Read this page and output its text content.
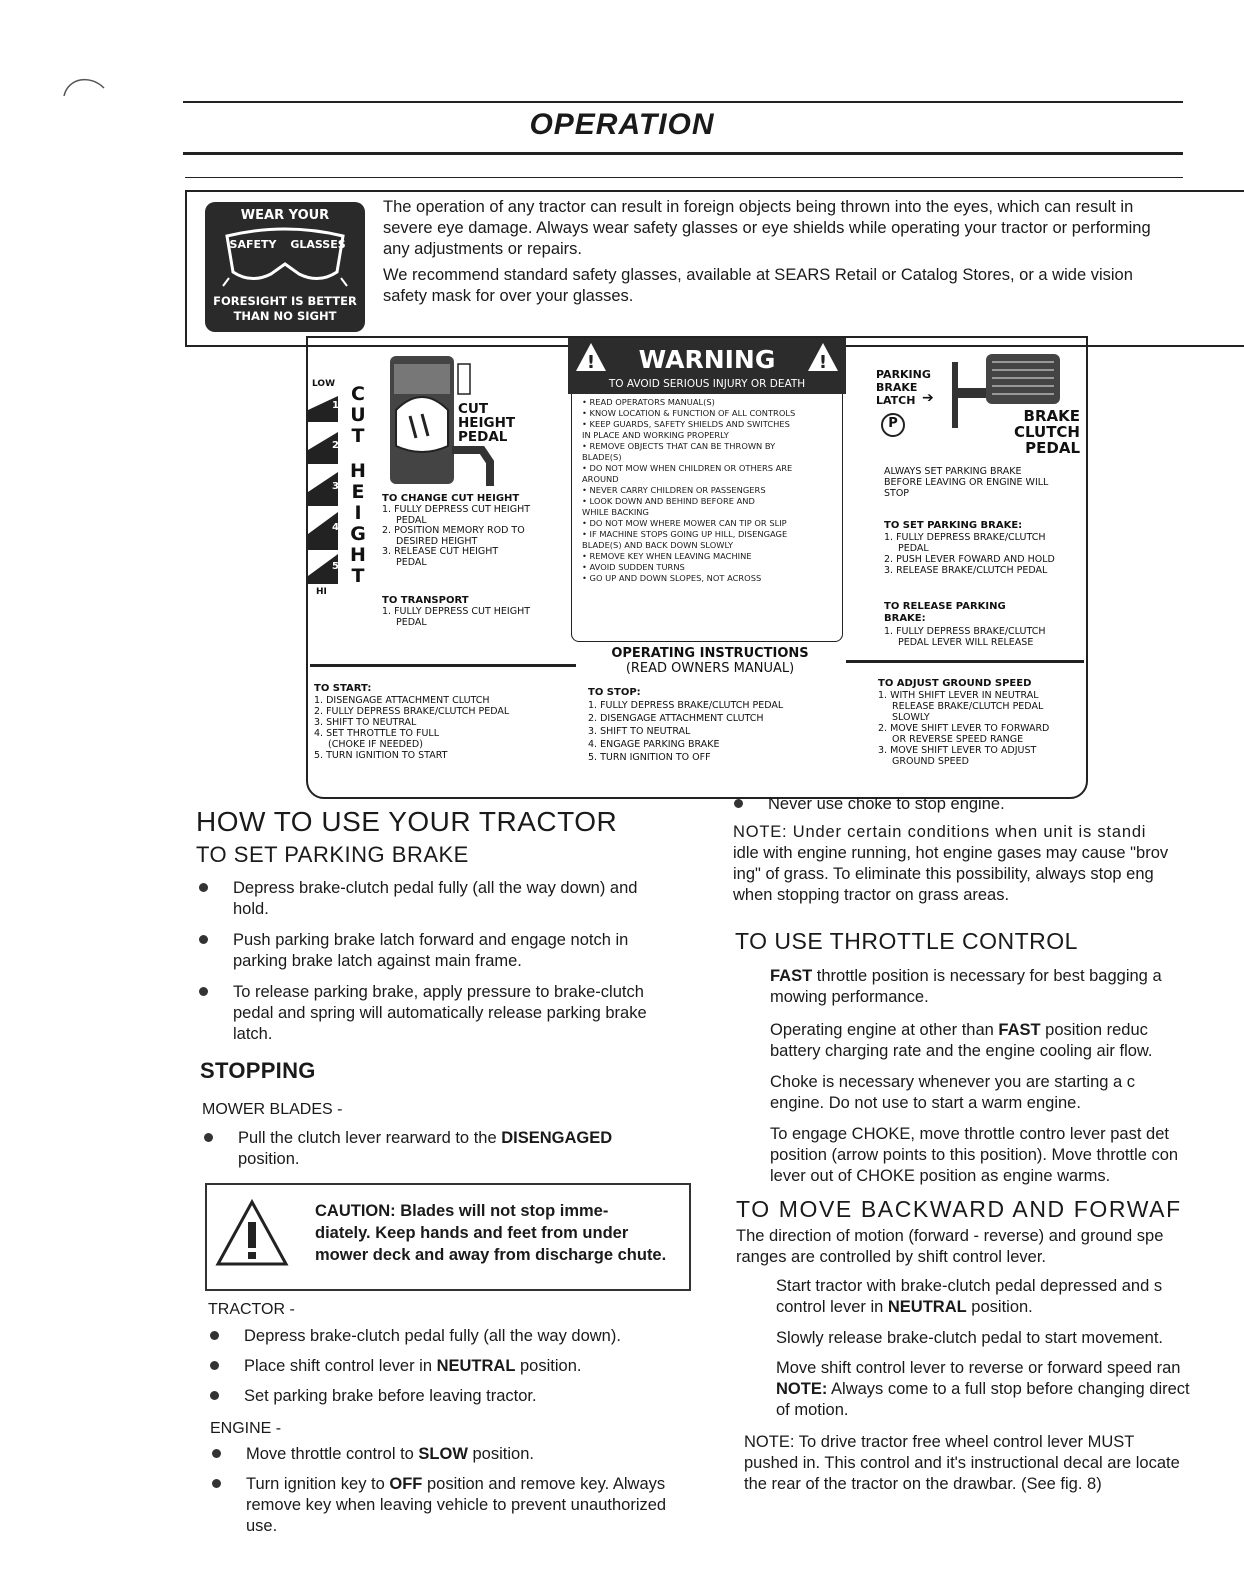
OPERATION
WEAR YOUR
SAFETY GLASSES
FORESIGHT IS BETTER
THAN NO SIGHT

The operation of any tractor can result in foreign objects being thrown into the eyes, which can result in
severe eye damage. Always wear safety glasses or eye shields while operating your tractor or performing
any adjustments or repairs.

We recommend standard safety glasses, available at SEARS Retail or Catalog Stores, or a wide vision
safety mask for over your glasses.

LOW
HI
1
2
3
4
5
C
U
T
H
E
I
G
H
T
CUT
HEIGHT
PEDAL
TO CHANGE CUT HEIGHT
1. FULLY DEPRESS CUT HEIGHT
PEDAL
2. POSITION MEMORY ROD TO
DESIRED HEIGHT
3. RELEASE CUT HEIGHT
PEDAL
TO TRANSPORT
1. FULLY DEPRESS CUT HEIGHT
PEDAL
!	!
WARNING
TO AVOID SERIOUS INJURY OR DEATH
• READ OPERATORS MANUAL(S)
• KNOW LOCATION & FUNCTION OF ALL CONTROLS
• KEEP GUARDS, SAFETY SHIELDS AND SWITCHES
IN PLACE AND WORKING PROPERLY
• REMOVE OBJECTS THAT CAN BE THROWN BY
BLADE(S)
• DO NOT MOW WHEN CHILDREN OR OTHERS ARE
AROUND
• NEVER CARRY CHILDREN OR PASSENGERS
• LOOK DOWN AND BEHIND BEFORE AND
WHILE BACKING
• DO NOT MOW WHERE MOWER CAN TIP OR SLIP
• IF MACHINE STOPS GOING UP HILL, DISENGAGE
BLADE(S) AND BACK DOWN SLOWLY
• REMOVE KEY WHEN LEAVING MACHINE
• AVOID SUDDEN TURNS
• GO UP AND DOWN SLOPES, NOT ACROSS
PARKING
BRAKE
LATCH ➔
P	BRAKE
CLUTCH
PEDAL
ALWAYS SET PARKING BRAKE
BEFORE LEAVING OR ENGINE WILL
STOP
TO SET PARKING BRAKE:
1. FULLY DEPRESS BRAKE/CLUTCH
PEDAL
2. PUSH LEVER FOWARD AND HOLD
3. RELEASE BRAKE/CLUTCH PEDAL
TO RELEASE PARKING
BRAKE:
1. FULLY DEPRESS BRAKE/CLUTCH
PEDAL LEVER WILL RELEASE
OPERATING INSTRUCTIONS
(READ OWNERS MANUAL)
TO START:
1. DISENGAGE ATTACHMENT CLUTCH
2. FULLY DEPRESS BRAKE/CLUTCH PEDAL
3. SHIFT TO NEUTRAL
4. SET THROTTLE TO FULL
(CHOKE IF NEEDED)
5. TURN IGNITION TO START
TO STOP:
1. FULLY DEPRESS BRAKE/CLUTCH PEDAL
2. DISENGAGE ATTACHMENT CLUTCH
3. SHIFT TO NEUTRAL
4. ENGAGE PARKING BRAKE
5. TURN IGNITION TO OFF
TO ADJUST GROUND SPEED
1. WITH SHIFT LEVER IN NEUTRAL
RELEASE BRAKE/CLUTCH PEDAL
SLOWLY
2. MOVE SHIFT LEVER TO FORWARD
OR REVERSE SPEED RANGE
3. MOVE SHIFT LEVER TO ADJUST
GROUND SPEED
HOW TO USE YOUR TRACTOR
TO SET PARKING BRAKE
Depress brake-clutch pedal fully (all the way down) and
hold.
Push parking brake latch forward and engage notch in
parking brake latch against main frame.
To release parking brake, apply pressure to brake-clutch
pedal and spring will automatically release parking brake
latch.
STOPPING
MOWER BLADES -
Pull the clutch lever rearward to the DISENGAGED
position.
CAUTION: Blades will not stop imme-
diately. Keep hands and feet from under
mower deck and away from discharge chute.
TRACTOR -
Depress brake-clutch pedal fully (all the way down).
Place shift control lever in NEUTRAL position.
Set parking brake before leaving tractor.
ENGINE -
Move throttle control to SLOW position.
Turn ignition key to OFF position and remove key. Always
remove key when leaving vehicle to prevent unauthorized
use.
Never use choke to stop engine.
NOTE: Under certain conditions when unit is standi
idle with engine running, hot engine gases may cause "brov
ing" of grass. To eliminate this possibility, always stop eng
when stopping tractor on grass areas.
TO USE THROTTLE CONTROL
FAST throttle position is necessary for best bagging a
mowing performance.
Operating engine at other than FAST position reduc
battery charging rate and the engine cooling air flow.
Choke is necessary whenever you are starting a c
engine. Do not use to start a warm engine.
To engage CHOKE, move throttle contro lever past det
position (arrow points to this position). Move throttle con
lever out of CHOKE position as engine warms.
TO MOVE BACKWARD AND FORWAF
The direction of motion (forward - reverse) and ground spe
ranges are controlled by shift control lever.
Start tractor with brake-clutch pedal depressed and s
control lever in NEUTRAL position.
Slowly release brake-clutch pedal to start movement.
Move shift control lever to reverse or forward speed ran
NOTE: Always come to a full stop before changing direct
of motion.
NOTE: To drive tractor free wheel control lever MUST
pushed in. This control and it's instructional decal are locate
the rear of the tractor on the drawbar. (See fig. 8)
